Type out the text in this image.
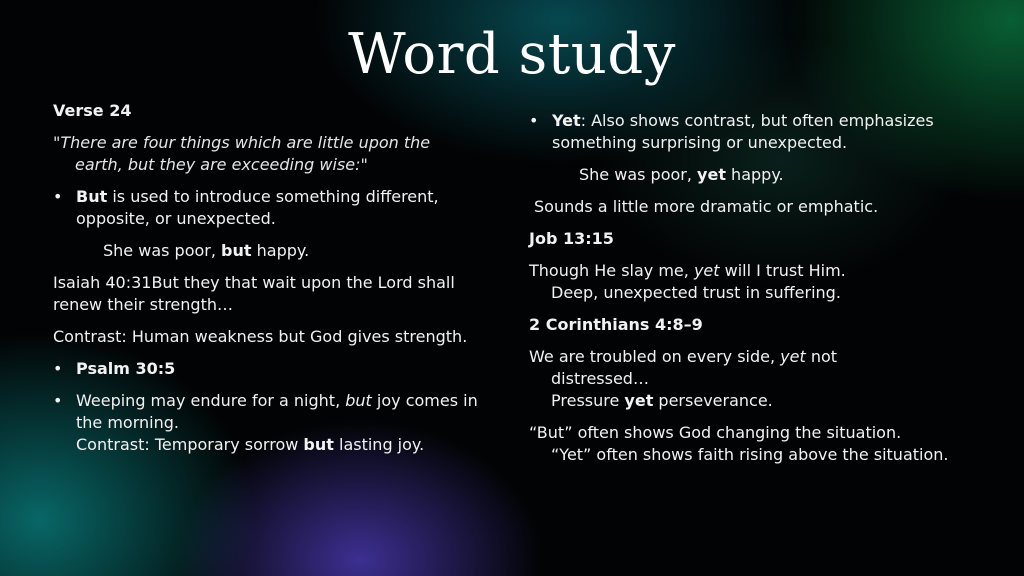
Word study
Verse 24
"There are four things which are little upon the
earth, but they are exceeding wise:"
• But is used to introduce something different, opposite, or unexpected.
She was poor, but happy.
Isaiah 40:31But they that wait upon the Lord shall renew their strength…
Contrast: Human weakness but God gives strength.
• Psalm 30:5
• Weeping may endure for a night, but joy comes in the morning.
Contrast: Temporary sorrow but lasting joy.
• Yet: Also shows contrast, but often emphasizes something surprising or unexpected.
She was poor, yet happy.
Sounds a little more dramatic or emphatic.
Job 13:15
Though He slay me, yet will I trust Him.
Deep, unexpected trust in suffering.
2 Corinthians 4:8–9
We are troubled on every side, yet not
distressed…
Pressure yet perseverance.
“But” often shows God changing the situation.
“Yet” often shows faith rising above the situation.
